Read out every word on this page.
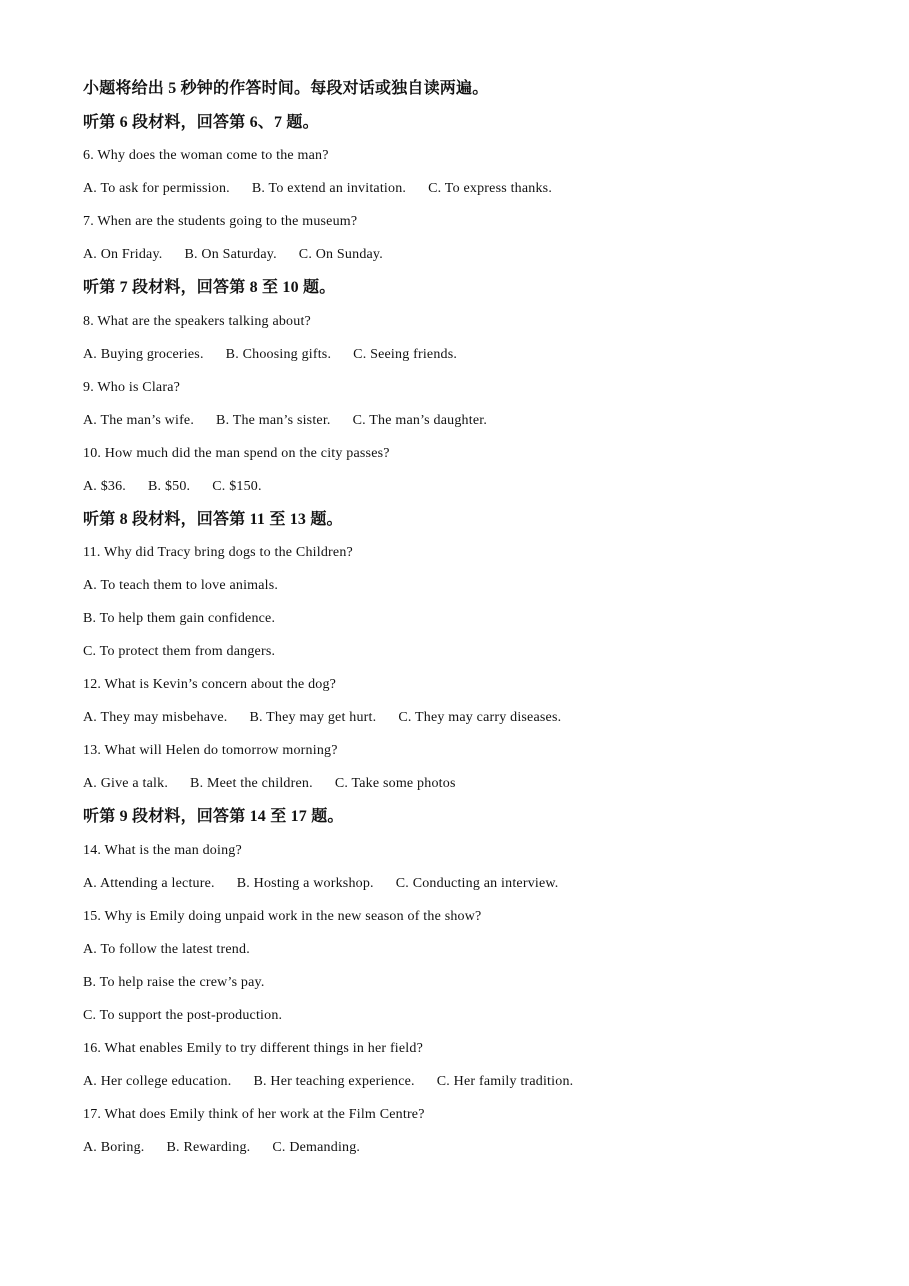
小题将给出 5 秒钟的作答时间。每段对话或独自读两遍。
听第 6 段材料，回答第 6、7 题。
6. Why does the woman come to the man?
A. To ask for permission. B. To extend an invitation. C. To express thanks.
7. When are the students going to the museum?
A. On Friday. B. On Saturday. C. On Sunday.
听第 7 段材料，回答第 8 至 10 题。
8. What are the speakers talking about?
A. Buying groceries. B. Choosing gifts. C. Seeing friends.
9. Who is Clara?
A. The man’s wife. B. The man’s sister. C. The man’s daughter.
10. How much did the man spend on the city passes?
A. $36. B. $50. C. $150.
听第 8 段材料，回答第 11 至 13 题。
11. Why did Tracy bring dogs to the Children?
A. To teach them to love animals.
B. To help them gain confidence.
C. To protect them from dangers.
12. What is Kevin’s concern about the dog?
A. They may misbehave. B. They may get hurt. C. They may carry diseases.
13. What will Helen do tomorrow morning?
A. Give a talk. B. Meet the children. C. Take some photos
听第 9 段材料，回答第 14 至 17 题。
14. What is the man doing?
A. Attending a lecture. B. Hosting a workshop. C. Conducting an interview.
15. Why is Emily doing unpaid work in the new season of the show?
A. To follow the latest trend.
B. To help raise the crew’s pay.
C. To support the post-production.
16. What enables Emily to try different things in her field?
A. Her college education. B. Her teaching experience. C. Her family tradition.
17. What does Emily think of her work at the Film Centre?
A. Boring. B. Rewarding. C. Demanding.
